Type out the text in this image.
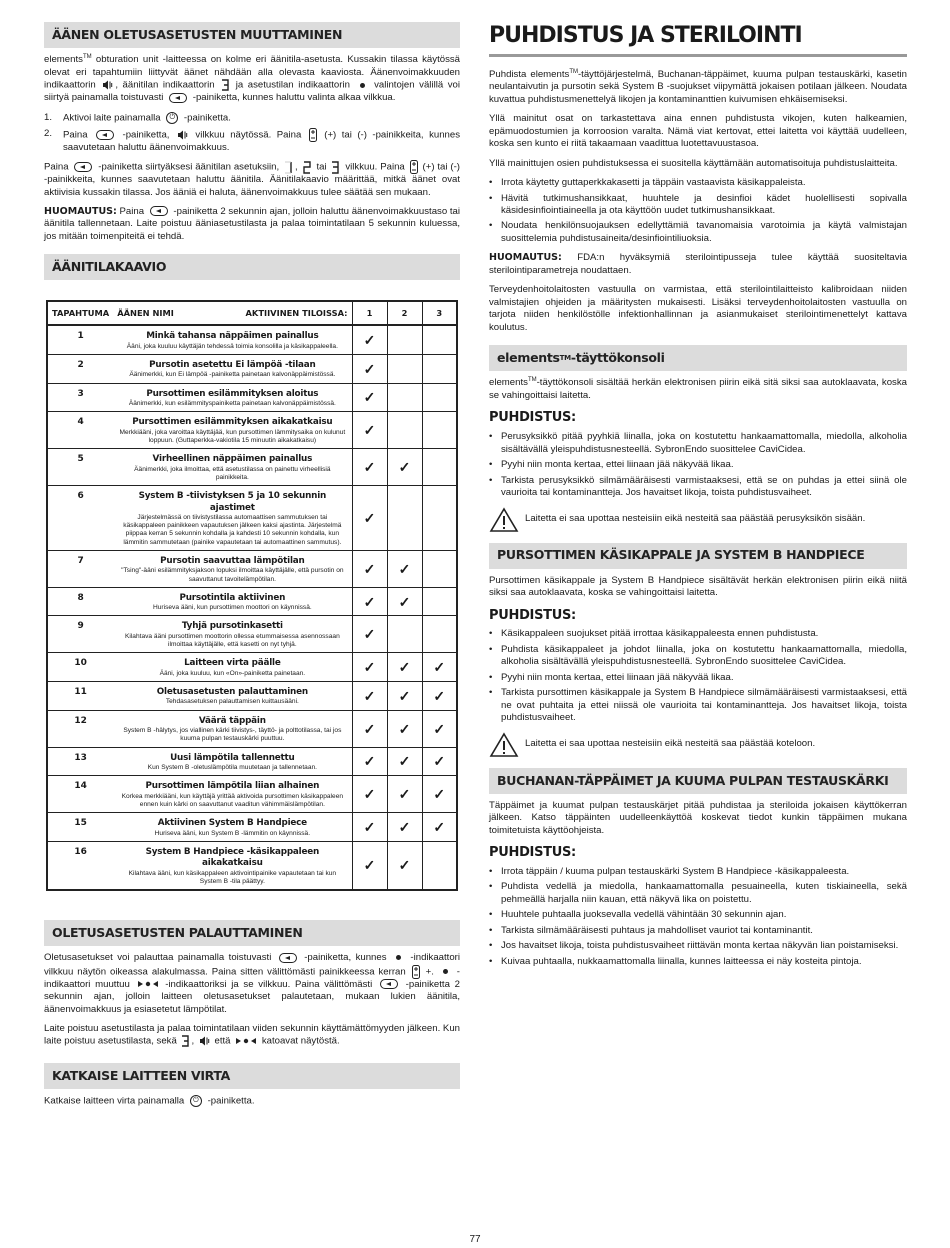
ÄÄNEN OLETUSASETUSTEN MUUTTAMINEN

elements™ obturation unit -laitteessa on kolme eri äänitila-asetusta. Kussakin tilassa käytössä olevat eri tapahtumiin liittyvät äänet nähdään alla olevasta kaaviosta. Äänenvoimakkuuden indikaattorin , äänitilan indikaattorin  ja asetustilan indikaattorin  valintojen välillä voi siirtyä painamalla toistuvasti	-painiketta, kunnes haluttu valinta alkaa vilkkua.

1. Aktivoi laite painamalla ⏻ -painiketta.
2. Paina	-painiketta,  vilkkuu näytössä. Paina  (+) tai (-) -painikkeita, kunnes saavutetaan haluttu äänenvoimakkuus.

Paina	-painiketta siirtyäksesi äänitilan asetuksiin, ,  tai  vilkkuu. Paina  (+) tai (-) -painikkeita, kunnes saavutetaan haluttu äänitila. Äänitilakaavio määrittää, mitkä äänet ovat aktiivisia kussakin tilassa. Jos ääniä ei haluta, äänenvoimakkuus tulee säätää sen mukaan.

HUOMAUTUS: Paina	-painiketta 2 sekunnin ajan, jolloin haluttu äänenvoimakkuustaso tai äänitila tallennetaan. Laite poistuu ääniasetustilasta ja palaa toimintatilaan 5 sekunnin kuluessa, jos mitään toimenpiteitä ei tehdä.

ÄÄNITILAKAAVIO
TAPAHTUMA	ÄÄNEN NIMI AKTIIVINEN TILOISSA:	1	2	3
1	Minkä tahansa näppäimen painallus
Ääni, joka kuuluu käyttäjän tehdessä toimia konsolilla ja käsikappaleella.	✓		
2	Pursotin asetettu Ei lämpöä -tilaan
Äänimerkki, kun Ei lämpöä -painiketta painetaan kalvonäppäimistössä.	✓		
3	Pursottimen esilämmityksen aloitus
Äänimerkki, kun esilämmityspainiketta painetaan kalvonäppäimistössä.	✓		
4	Pursottimen esilämmityksen aikakatkaisu
Merkkiääni, joka varoittaa käyttäjää, kun pursottimen lämmitysaika on kulunut loppuun. (Guttaperkka-vakiotila 15 minuutin aikakatkaisu)	✓		
5	Virheellinen näppäimen painallus
Äänimerkki, joka ilmoittaa, että asetustilassa on painettu virheellisiä painikkeita.	✓	✓	
6	System B -tiivistyksen 5 ja 10 sekunnin ajastimet
Järjestelmässä on tiivistystilassa automaattisen sammutuksen tai käsikappaleen painikkeen vapautuksen jälkeen kaksi ajastinta. Järjestelmä piippaa kerran 5 sekunnin kohdalla ja kahdesti 10 sekunnin kohdalla, kun lämmitin sammutetaan (painike vapautetaan tai automaattinen sammutus).	✓		
7	Pursotin saavuttaa lämpötilan
"Tsing"-ääni esilämmityksjakson lopuksi ilmoittaa käyttäjälle, että pursotin on saavuttanut tavoitelämpötilan.	✓	✓	
8	Pursotintila aktiivinen
Huriseva ääni, kun pursottimen moottori on käynnissä.	✓	✓	
9	Tyhjä pursotinkasetti
Kilahtava ääni pursottimen moottorin ollessa etummaisessa asennossaan ilmoittaa käyttäjälle, että kasetti on nyt tyhjä.	✓		
10	Laitteen virta päälle
Ääni, joka kuuluu, kun «On»-painiketta painetaan.	✓	✓	✓
11	Oletusasetusten palauttaminen
Tehdasasetuksen palauttamisen kuittausääni.	✓	✓	✓
12	Väärä täppäin
System B -hälytys, jos viallinen kärki tiivistys-, täyttö- ja polttotilassa, tai jos kuuma pulpan testauskärki puuttuu.	✓	✓	✓
13	Uusi lämpötila tallennettu
Kun System B -oletuslämpötila muutetaan ja tallennetaan.	✓	✓	✓
14	Pursottimen lämpötila liian alhainen
Korkea merkkiääni, kun käyttäjä yrittää aktivoida pursottimen käsikappaleen ennen kuin kärki on saavuttanut vaaditun vähimmäislämpötilan.	✓	✓	✓
15	Aktiivinen System B Handpiece
Huriseva ääni, kun System B -lämmitin on käynnissä.	✓	✓	✓
16	System B Handpiece -käsikappaleen aikakatkaisu
Kilahtava ääni, kun käsikappaleen aktivointipainike vapautetaan tai kun System B -tila päättyy.	✓	✓	
OLETUSASETUSTEN PALAUTTAMINEN

Oletusasetukset voi palauttaa painamalla toistuvasti	-painiketta, kunnes  -indikaattori vilkkuu näytön oikeassa alakulmassa. Paina sitten välittömästi painikkeessa kerran  +.  -indikaattori muuttuu	-indikaattoriksi ja se vilkkuu. Paina välittömästi	-painiketta 2 sekunnin ajan, jolloin laitteen oletusasetukset palautetaan, mukaan lukien äänitila, äänenvoimakkuus ja esiasetetut lämpötilat.

Laite poistuu asetustilasta ja palaa toimintatilaan viiden sekunnin käyttämättömyyden jälkeen. Kun laite poistuu asetustilasta, sekä ,  että	katoavat näytöstä.

KATKAISE LAITTEEN VIRTA

Katkaise laitteen virta painamalla ⏻ -painiketta.

PUHDISTUS JA STERILOINTI

Puhdista elements™-täyttöjärjestelmä, Buchanan-täppäimet, kuuma pulpan testauskärki, kasetin neulantaivutin ja pursotin sekä System B -suojukset viipymättä jokaisen potilaan jälkeen. Noudata kuvattua puhdistusmenettelyä likojen ja kontaminanttien kuivumisen ehkäisemiseksi.

Yllä mainitut osat on tarkastettava aina ennen puhdistusta vikojen, kuten halkeamien, epämuodostumien ja korroosion varalta. Nämä viat kertovat, ettei laitetta voi käyttää uudelleen, koska sen kunto ei riitä takaamaan vaadittua luotettavuustasoa.

Yllä mainittujen osien puhdistuksessa ei suositella käyttämään automatisoituja puhdistuslaitteita.

• Irrota käytetty guttaperkkakasetti ja täppäin vastaavista käsikappaleista.
• Hävitä tutkimushansikkaat, huuhtele ja desinfioi kädet huolellisesti sopivalla käsidesinfiointiaineella ja ota käyttöön uudet tutkimushansikkaat.
• Noudata henkilönsuojauksen edellyttämiä tavanomaisia varotoimia ja käytä valmistajan suosittelemia puhdistusaineita/desinfiointiliuoksia.

HUOMAUTUS: FDA:n hyväksymiä sterilointipusseja tulee käyttää suositeltavia sterilointiparametreja noudattaen.

Terveydenhoitolaitosten vastuulla on varmistaa, että sterilointilaitteisto kalibroidaan niiden valmistajien ohjeiden ja määritysten mukaisesti. Lisäksi terveydenhoitolaitosten vastuulla on tarjota niiden henkilöstölle infektionhallinnan ja asianmukaiset sterilointimenettelyt kattava koulutus.

elements TM -täyttökonsoli

elements™-täyttökonsoli sisältää herkän elektronisen piirin eikä sitä siksi saa autoklaavata, koska se vahingoittaisi laitetta.

PUHDISTUS:
• Perusyksikkö pitää pyyhkiä liinalla, joka on kostutettu hankaamattomalla, miedolla, alkoholia sisältävällä yleispuhdistusnesteellä. SybronEndo suosittelee CaviCidea.
• Pyyhi niin monta kertaa, ettei liinaan jää näkyvää likaa.
• Tarkista perusyksikkö silmämääräisesti varmistaaksesi, että se on puhdas ja ettei siinä ole vaurioita tai kontaminantteja. Jos havaitset likoja, toista puhdistusvaiheet.
Laitetta ei saa upottaa nesteisiin eikä nesteitä saa päästää perusyksikön sisään.
PURSOTTIMEN KÄSIKAPPALE JA SYSTEM B HANDPIECE

Pursottimen käsikappale ja System B Handpiece sisältävät herkän elektronisen piirin eikä niitä siksi saa autoklaavata, koska se vahingoittaisi laitetta.

PUHDISTUS:
• Käsikappaleen suojukset pitää irrottaa käsikappaleesta ennen puhdistusta.
• Puhdista käsikappaleet ja johdot liinalla, joka on kostutettu hankaamattomalla, miedolla, alkoholia sisältävällä yleispuhdistusnesteellä. SybronEndo suosittelee CaviCidea.
• Pyyhi niin monta kertaa, ettei liinaan jää näkyvää likaa.
• Tarkista pursottimen käsikappale ja System B Handpiece silmämääräisesti varmistaaksesi, että ne ovat puhtaita ja ettei niissä ole vaurioita tai kontaminantteja. Jos havaitset likoja, toista puhdistusvaiheet.
Laitetta ei saa upottaa nesteisiin eikä nesteitä saa päästää koteloon.
BUCHANAN-TÄPPÄIMET JA KUUMA PULPAN TESTAUSKÄRKI

Täppäimet ja kuumat pulpan testauskärjet pitää puhdistaa ja steriloida jokaisen käyttökerran jälkeen. Katso täppäinten uudelleenkäyttöä koskevat tiedot kunkin täppäimen mukana toimitetuista käyttöohjeista.

PUHDISTUS:
• Irrota täppäin / kuuma pulpan testauskärki System B Handpiece -käsikappaleesta.
• Puhdista vedellä ja miedolla, hankaamattomalla pesuaineella, kuten tiskiaineella, sekä pehmeällä harjalla niin kauan, että näkyvä lika on poistettu.
• Huuhtele puhtaalla juoksevalla vedellä vähintään 30 sekunnin ajan.
• Tarkista silmämääräisesti puhtaus ja mahdolliset vauriot tai kontaminantit.
• Jos havaitset likoja, toista puhdistusvaiheet riittävän monta kertaa näkyvän lian poistamiseksi.
• Kuivaa puhtaalla, nukkaamattomalla liinalla, kunnes laitteessa ei näy kosteita pintoja.
77
